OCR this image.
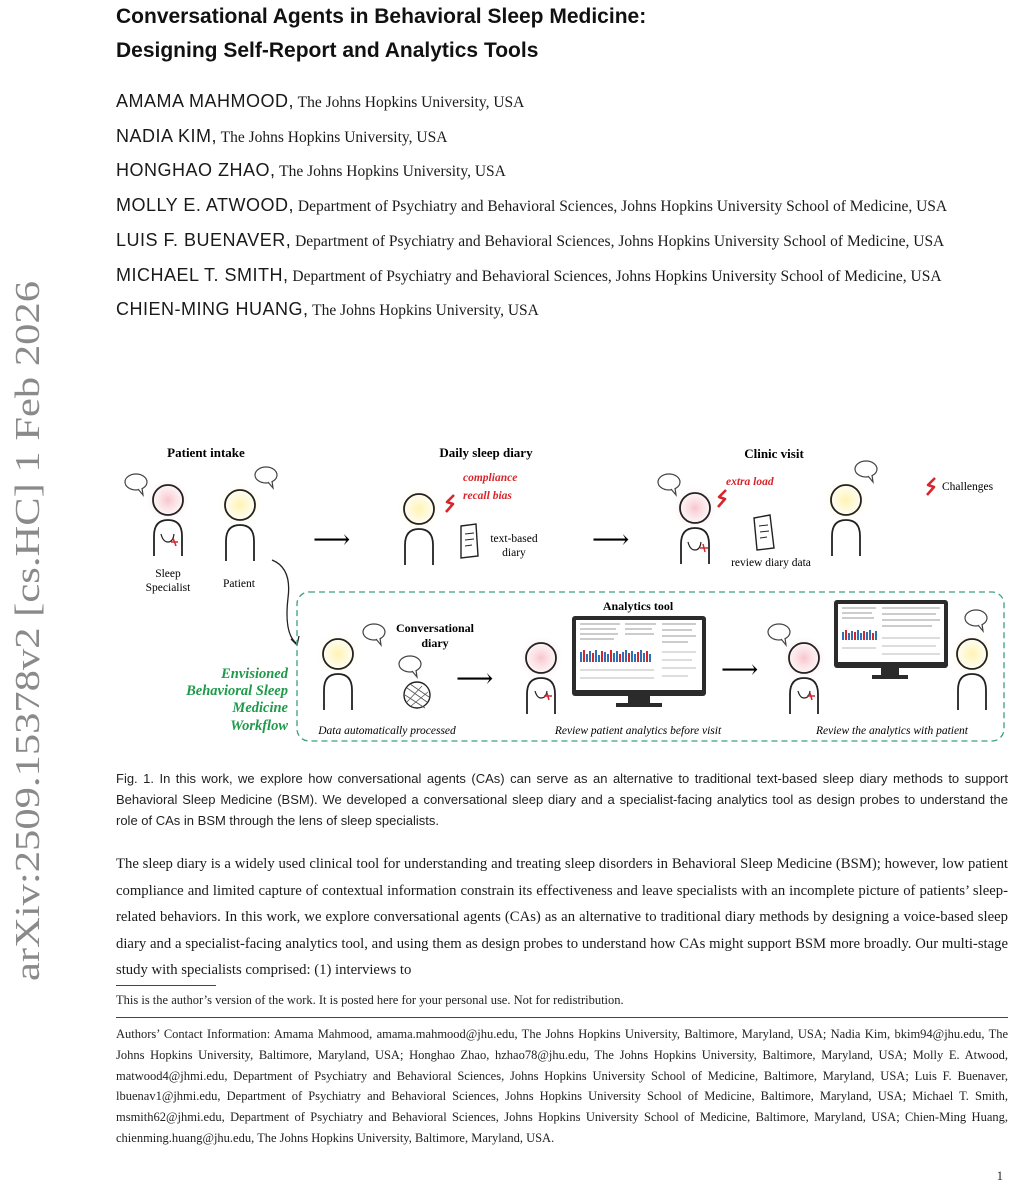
arXiv:2509.15378v2 [cs.HC] 1 Feb 2026
Conversational Agents in Behavioral Sleep Medicine:
Designing Self-Report and Analytics Tools
AMAMA MAHMOOD, The Johns Hopkins University, USA
NADIA KIM, The Johns Hopkins University, USA
HONGHAO ZHAO, The Johns Hopkins University, USA
MOLLY E. ATWOOD, Department of Psychiatry and Behavioral Sciences, Johns Hopkins University School of Medicine, USA
LUIS F. BUENAVER, Department of Psychiatry and Behavioral Sciences, Johns Hopkins University School of Medicine, USA
MICHAEL T. SMITH, Department of Psychiatry and Behavioral Sciences, Johns Hopkins University School of Medicine, USA
CHIEN-MING HUANG, The Johns Hopkins University, USA
Patient intake	Daily sleep diary	Clinic visit
Sleep
Specialist	Patient
⟶
compliance
recall bias
text-based
diary	⟶
extra load
review diary data
Challenges
Envisioned
Behavioral Sleep
Medicine
Workflow
Conversational
diary
Data automatically processed
⟶
Analytics tool
Review patient analytics before visit
⟶
Review the analytics with patient
Fig. 1. In this work, we explore how conversational agents (CAs) can serve as an alternative to traditional text-based sleep diary methods to support Behavioral Sleep Medicine (BSM). We developed a conversational sleep diary and a specialist-facing analytics tool as design probes to understand the role of CAs in BSM through the lens of sleep specialists.
The sleep diary is a widely used clinical tool for understanding and treating sleep disorders in Behavioral Sleep Medicine (BSM); however, low patient compliance and limited capture of contextual information constrain its effectiveness and leave specialists with an incomplete picture of patients’ sleep-related behaviors. In this work, we explore conversational agents (CAs) as an alternative to traditional diary methods by designing a voice-based sleep diary and a specialist-facing analytics tool, and using them as design probes to understand how CAs might support BSM more broadly. Our multi-stage study with specialists comprised: (1) interviews to
This is the author’s version of the work. It is posted here for your personal use. Not for redistribution.
Authors’ Contact Information: Amama Mahmood, amama.mahmood@jhu.edu, The Johns Hopkins University, Baltimore, Maryland, USA; Nadia Kim, bkim94@jhu.edu, The Johns Hopkins University, Baltimore, Maryland, USA; Honghao Zhao, hzhao78@jhu.edu, The Johns Hopkins University, Baltimore, Maryland, USA; Molly E. Atwood, matwood4@jhmi.edu, Department of Psychiatry and Behavioral Sciences, Johns Hopkins University School of Medicine, Baltimore, Maryland, USA; Luis F. Buenaver, lbuenav1@jhmi.edu, Department of Psychiatry and Behavioral Sciences, Johns Hopkins University School of Medicine, Baltimore, Maryland, USA; Michael T. Smith, msmith62@jhmi.edu, Department of Psychiatry and Behavioral Sciences, Johns Hopkins University School of Medicine, Baltimore, Maryland, USA; Chien-Ming Huang, chienming.huang@jhu.edu, The Johns Hopkins University, Baltimore, Maryland, USA.
1
